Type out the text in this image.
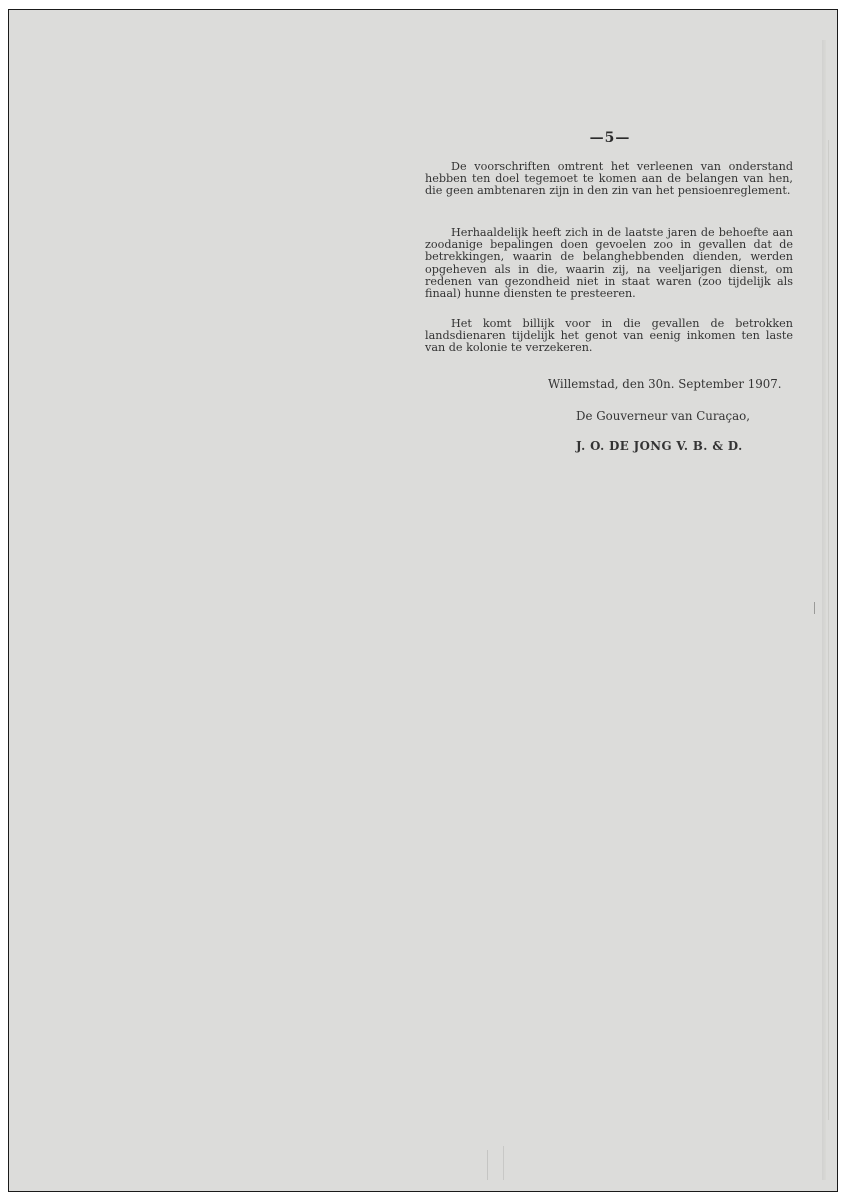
—5—

De voorschriften omtrent het verleenen van onderstand hebben ten doel tegemoet te komen aan de belangen van hen, die geen ambtenaren zijn in den zin van het pensioenreglement.

Herhaaldelijk heeft zich in de laatste jaren de behoefte aan zoodanige bepalingen doen gevoelen zoo in gevallen dat de betrekkingen, waarin de belanghebbenden dienden, werden opgeheven als in die, waarin zij, na veeljarigen dienst, om redenen van gezondheid niet in staat waren (zoo tijdelijk als finaal) hunne diensten te presteeren.

Het komt billijk voor in die gevallen de betrokken landsdienaren tijdelijk het genot van eenig inkomen ten laste van de kolonie te verzekeren.

Willemstad, den 30n. September 1907.
De Gouverneur van Curaçao,
J. O. DE JONG V. B. & D.
